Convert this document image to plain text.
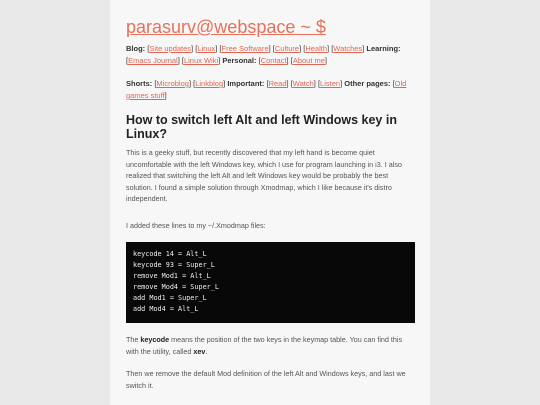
parasurv@webspace ~ $
Blog: [Site updates] [Linux] [Free Software] [Culture] [Health] [Watches] Learning: [Emacs Journal] [Linux Wiki] Personal: [Contact] [About me]
Shorts: [Microblog] [Linkblog] Important: [Read] [Watch] [Listen] Other pages: [Old games stuff]
How to switch left Alt and left Windows key in Linux?
This is a geeky stuff, but recently discovered that my left hand is become quiet uncomfortable with the left Windows key, which I use for program launching in i3. I also realized that switching the left Alt and left Windows key would be probably the best solution. I found a simple solution through Xmodmap, which I like because it's distro independent.
I added these lines to my ~/.Xmodmap files:
keycode 14 = Alt_L
keycode 93 = Super_L
remove Mod1 = Alt_L
remove Mod4 = Super_L
add Mod1 = Super_L
add Mod4 = Alt_L
The keycode means the position of the two keys in the keymap table. You can find this with the utility, called xev.
Then we remove the default Mod definition of the left Alt and Windows keys, and last we switch it.
